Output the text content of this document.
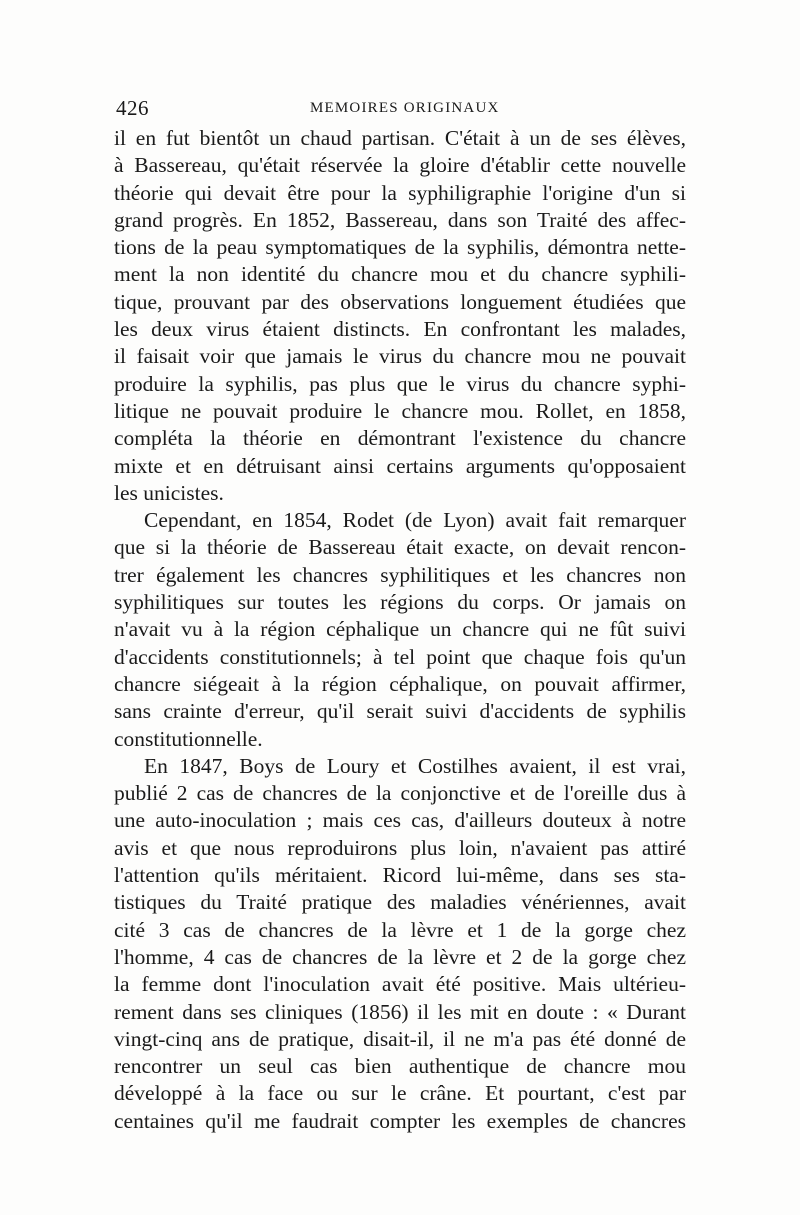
426	MEMOIRES ORIGINAUX
il en fut bientôt un chaud partisan. C'était à un de ses élèves,
à Bassereau, qu'était réservée la gloire d'établir cette nouvelle
théorie qui devait être pour la syphiligraphie l'origine d'un si
grand progrès. En 1852, Bassereau, dans son Traité des affec-
tions de la peau symptomatiques de la syphilis, démontra nette-
ment la non identité du chancre mou et du chancre syphili-
tique, prouvant par des observations longuement étudiées que
les deux virus étaient distincts. En confrontant les malades,
il faisait voir que jamais le virus du chancre mou ne pouvait
produire la syphilis, pas plus que le virus du chancre syphi-
litique ne pouvait produire le chancre mou. Rollet, en 1858,
compléta la théorie en démontrant l'existence du chancre
mixte et en détruisant ainsi certains arguments qu'opposaient
les unicistes.
Cependant, en 1854, Rodet (de Lyon) avait fait remarquer
que si la théorie de Bassereau était exacte, on devait rencon-
trer également les chancres syphilitiques et les chancres non
syphilitiques sur toutes les régions du corps. Or jamais on
n'avait vu à la région céphalique un chancre qui ne fût suivi
d'accidents constitutionnels; à tel point que chaque fois qu'un
chancre siégeait à la région céphalique, on pouvait affirmer,
sans crainte d'erreur, qu'il serait suivi d'accidents de syphilis
constitutionnelle.
En 1847, Boys de Loury et Costilhes avaient, il est vrai,
publié 2 cas de chancres de la conjonctive et de l'oreille dus à
une auto-inoculation ; mais ces cas, d'ailleurs douteux à notre
avis et que nous reproduirons plus loin, n'avaient pas attiré
l'attention qu'ils méritaient. Ricord lui-même, dans ses sta-
tistiques du Traité pratique des maladies vénériennes, avait
cité 3 cas de chancres de la lèvre et 1 de la gorge chez
l'homme, 4 cas de chancres de la lèvre et 2 de la gorge chez
la femme dont l'inoculation avait été positive. Mais ultérieu-
rement dans ses cliniques (1856) il les mit en doute : « Durant
vingt-cinq ans de pratique, disait-il, il ne m'a pas été donné de
rencontrer un seul cas bien authentique de chancre mou
développé à la face ou sur le crâne. Et pourtant, c'est par
centaines qu'il me faudrait compter les exemples de chancres
